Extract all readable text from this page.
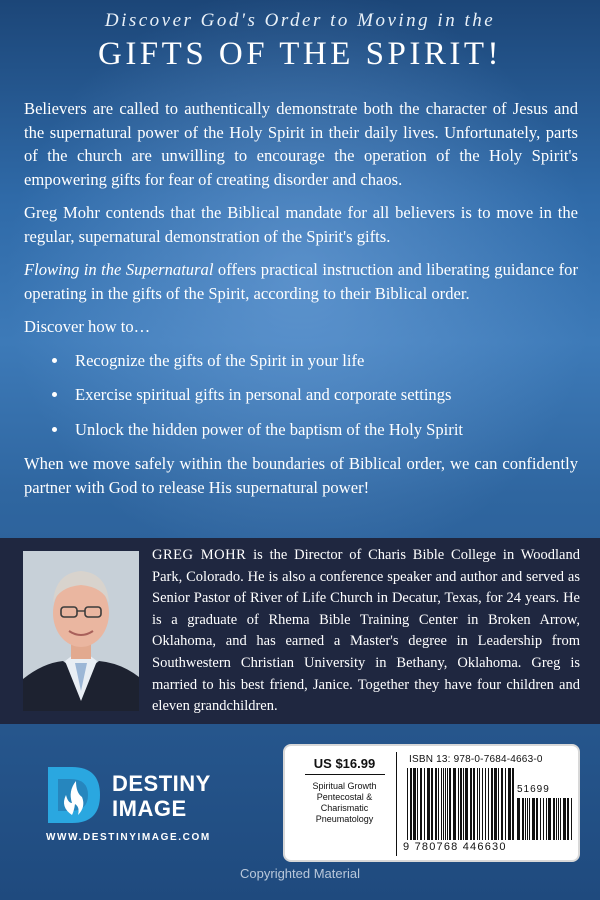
Discover God's Order to Moving in the
GIFTS OF THE SPIRIT!

Believers are called to authentically demonstrate both the character of Jesus and the supernatural power of the Holy Spirit in their daily lives. Unfortunately, parts of the church are unwilling to encourage the operation of the Holy Spirit's empowering gifts for fear of creating disorder and chaos.

Greg Mohr contends that the Biblical mandate for all believers is to move in the regular, supernatural demonstration of the Spirit's gifts.

Flowing in the Supernatural offers practical instruction and liberating guidance for operating in the gifts of the Spirit, according to their Biblical order.

Discover how to…

Recognize the gifts of the Spirit in your life
Exercise spiritual gifts in personal and corporate settings
Unlock the hidden power of the baptism of the Holy Spirit

When we move safely within the boundaries of Biblical order, we can confidently partner with God to release His supernatural power!

GREG MOHR is the Director of Charis Bible College in Woodland Park, Colorado. He is also a conference speaker and author and served as Senior Pastor of River of Life Church in Decatur, Texas, for 24 years. He is a graduate of Rhema Bible Training Center in Broken Arrow, Oklahoma, and has earned a Master's degree in Leadership from Southwestern Christian University in Bethany, Oklahoma. Greg is married to his best friend, Janice. Together they have four children and eleven grandchildren.
DESTINY
IMAGE
WWW.DESTINYIMAGE.COM
US $16.99
Spiritual Growth
Pentecostal & Charismatic
Pneumatology
ISBN 13: 978-0-7684-4663-0
51699
9 780768 446630
Copyrighted Material
